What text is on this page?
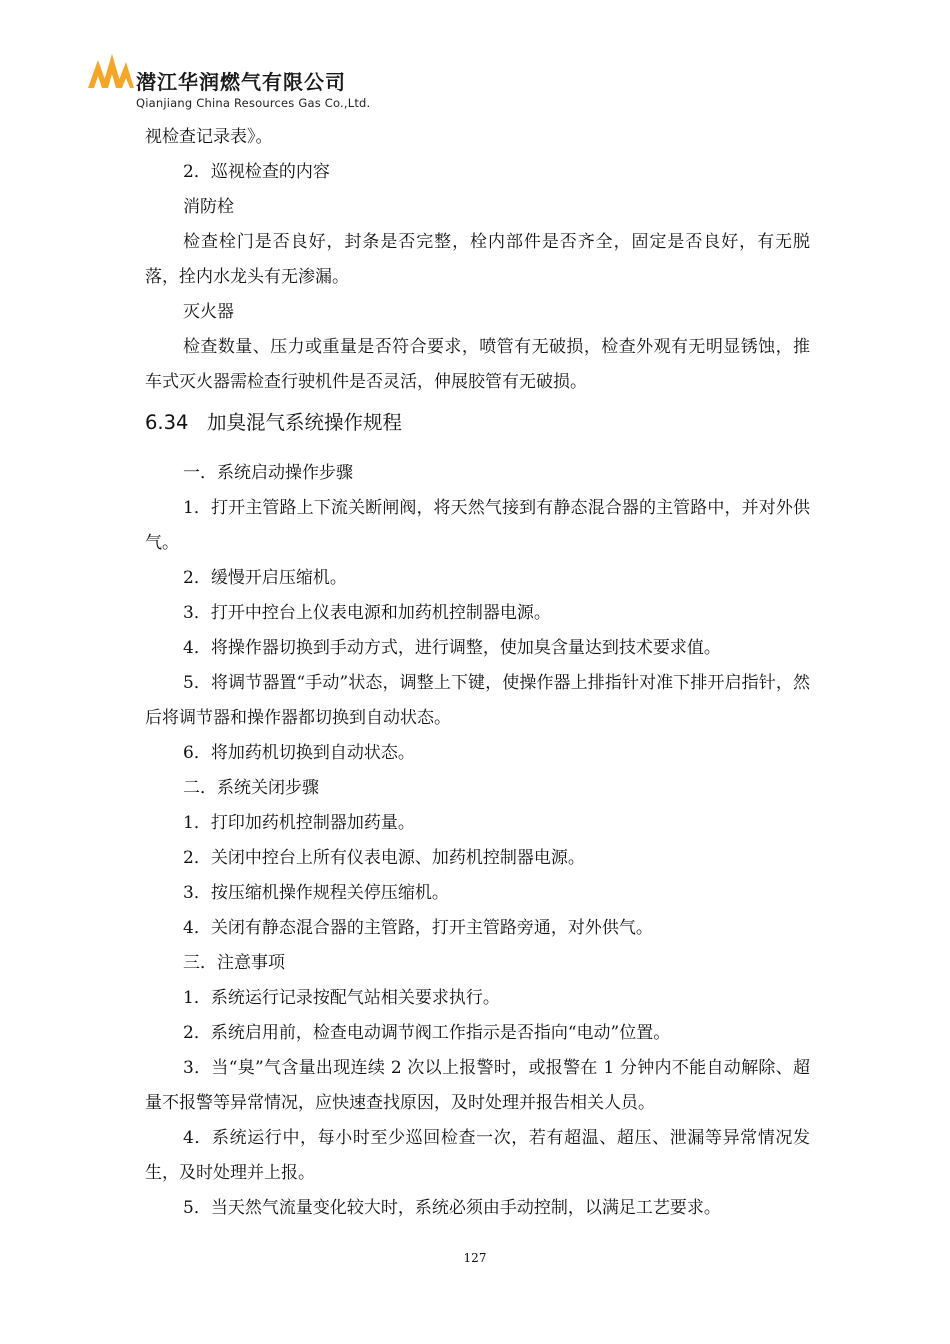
潜江华润燃气有限公司
Qianjiang China Resources Gas Co.,Ltd.

视检查记录表》。

2．巡视检查的内容

消防栓

检查栓门是否良好，封条是否完整，栓内部件是否齐全，固定是否良好，有无脱落，拴内水龙头有无渗漏。

灭火器

检查数量、压力或重量是否符合要求，喷管有无破损，检查外观有无明显锈蚀，推车式灭火器需检查行驶机件是否灵活，伸展胶管有无破损。

6.34 加臭混气系统操作规程

一．系统启动操作步骤

1．打开主管路上下流关断闸阀，将天然气接到有静态混合器的主管路中，并对外供气。

2．缓慢开启压缩机。

3．打开中控台上仪表电源和加药机控制器电源。

4．将操作器切换到手动方式，进行调整，使加臭含量达到技术要求值。

5．将调节器置“手动”状态，调整上下键，使操作器上排指针对准下排开启指针，然后将调节器和操作器都切换到自动状态。

6．将加药机切换到自动状态。

二．系统关闭步骤

1．打印加药机控制器加药量。

2．关闭中控台上所有仪表电源、加药机控制器电源。

3．按压缩机操作规程关停压缩机。

4．关闭有静态混合器的主管路，打开主管路旁通，对外供气。

三．注意事项

1．系统运行记录按配气站相关要求执行。

2．系统启用前，检查电动调节阀工作指示是否指向“电动”位置。

3．当“臭”气含量出现连续 2 次以上报警时，或报警在 1 分钟内不能自动解除、超量不报警等异常情况，应快速查找原因，及时处理并报告相关人员。

4．系统运行中，每小时至少巡回检查一次，若有超温、超压、泄漏等异常情况发生，及时处理并上报。

5．当天然气流量变化较大时，系统必须由手动控制，以满足工艺要求。

127
